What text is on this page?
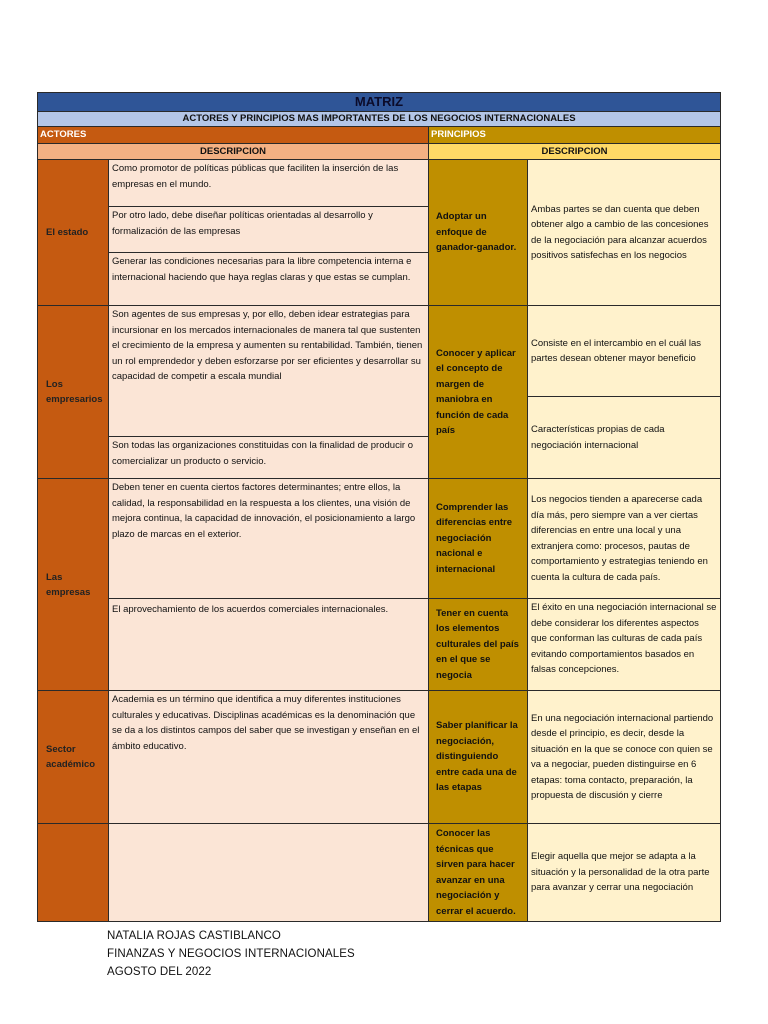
MATRIZ
ACTORES Y PRINCIPIOS MAS IMPORTANTES DE LOS NEGOCIOS INTERNACIONALES
ACTORES	PRINCIPIOS
DESCRIPCION	DESCRIPCION
El estado
Como promotor de políticas públicas que faciliten la inserción de las empresas en el mundo.
Por otro lado, debe diseñar políticas orientadas al desarrollo y formalización de las empresas
Generar las condiciones necesarias para la libre competencia interna e internacional haciendo que haya reglas claras y que estas se cumplan.
Adoptar un enfoque de ganador-ganador.
Ambas partes se dan cuenta que deben obtener algo a cambio de las concesiones de la negociación para alcanzar acuerdos positivos satisfechas en los negocios
Los empresarios
Son agentes de sus empresas y, por ello, deben idear estrategias para incursionar en los mercados internacionales de manera tal que sustenten el crecimiento de la empresa y aumenten su rentabilidad. También, tienen un rol emprendedor y deben esforzarse por ser eficientes y desarrollar su capacidad de competir a escala mundial
Son todas las organizaciones constituidas con la finalidad de producir o comercializar un producto o servicio.
Conocer y aplicar el concepto de margen de maniobra en función de cada país
Consiste en el intercambio en el cuál las partes desean obtener mayor beneficio
Características propias de cada negociación internacional
Las empresas
Deben tener en cuenta ciertos factores determinantes; entre ellos, la calidad, la responsabilidad en la respuesta a los clientes, una visión de mejora continua, la capacidad de innovación, el posicionamiento a largo plazo de marcas en el exterior.
El aprovechamiento de los acuerdos comerciales internacionales.
Comprender las diferencias entre negociación nacional e internacional
Los negocios tienden a aparecerse cada día más, pero siempre van a ver ciertas diferencias en entre una local y una extranjera como: procesos, pautas de comportamiento y estrategias teniendo en cuenta la cultura de cada país.
Tener en cuenta los elementos culturales del país en el que se negocia
El éxito en una negociación internacional se debe considerar los diferentes aspectos que conforman las culturas de cada país evitando comportamientos basados en falsas concepciones.
Sector académico
Academia es un término que identifica a muy diferentes instituciones culturales y educativas. Disciplinas académicas es la denominación que se da a los distintos campos del saber que se investigan y enseñan en el ámbito educativo.
Saber planificar la negociación, distinguiendo entre cada una de las etapas
En una negociación internacional partiendo desde el principio, es decir, desde la situación en la que se conoce con quien se va a negociar, pueden distinguirse en 6 etapas: toma contacto, preparación, la propuesta de discusión y cierre
Conocer las técnicas que sirven para hacer avanzar en una negociación y cerrar el acuerdo.
Elegir aquella que mejor se adapta a la situación y la personalidad de la otra parte para avanzar y cerrar una negociación
NATALIA ROJAS CASTIBLANCO
FINANZAS Y NEGOCIOS INTERNACIONALES
AGOSTO DEL 2022
